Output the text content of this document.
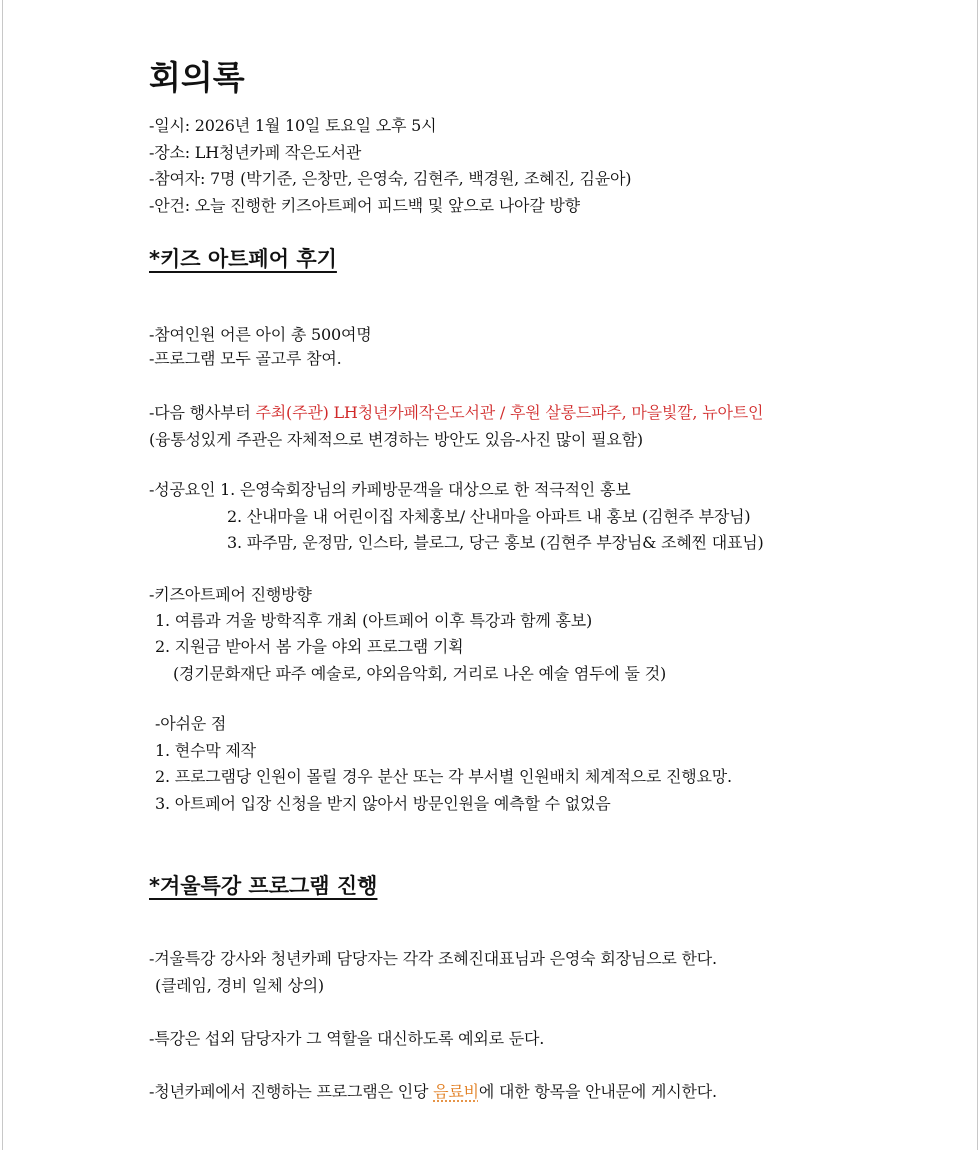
회의록
-일시: 2026년 1월 10일 토요일 오후 5시
-장소: LH청년카페 작은도서관
-참여자: 7명 (박기준, 은창만, 은영숙, 김현주, 백경원, 조혜진, 김윤아)
-안건: 오늘 진행한 키즈아트페어 피드백 및 앞으로 나아갈 방향
*키즈 아트페어 후기
-참여인원 어른 아이 총 500여명
-프로그램 모두 골고루 참여.
-다음 행사부터 주최(주관) LH청년카페작은도서관 / 후원 살롱드파주, 마을빛깔, 뉴아트인
(융통성있게 주관은 자체적으로 변경하는 방안도 있음-사진 많이 필요함)
-성공요인 1. 은영숙회장님의 카페방문객을 대상으로 한 적극적인 홍보
2. 산내마을 내 어린이집 자체홍보/ 산내마을 아파트 내 홍보 (김현주 부장님)
3. 파주맘, 운정맘, 인스타, 블로그, 당근 홍보 (김현주 부장님& 조혜찐 대표님)
-키즈아트페어 진행방향
1. 여름과 겨울 방학직후 개최 (아트페어 이후 특강과 함께 홍보)
2. 지원금 받아서 봄 가을 야외 프로그램 기획
(경기문화재단 파주 예술로, 야외음악회, 거리로 나온 예술 염두에 둘 것)
-아쉬운 점
1. 현수막 제작
2. 프로그램당 인원이 몰릴 경우 분산 또는 각 부서별 인원배치 체계적으로 진행요망.
3. 아트페어 입장 신청을 받지 않아서 방문인원을 예측할 수 없었음
*겨울특강 프로그램 진행
-겨울특강 강사와 청년카페 담당자는 각각 조혜진대표님과 은영숙 회장님으로 한다.
(클레임, 경비 일체 상의)
-특강은 섭외 담당자가 그 역할을 대신하도록 예외로 둔다.
-청년카페에서 진행하는 프로그램은 인당 음료비에 대한 항목을 안내문에 게시한다.
